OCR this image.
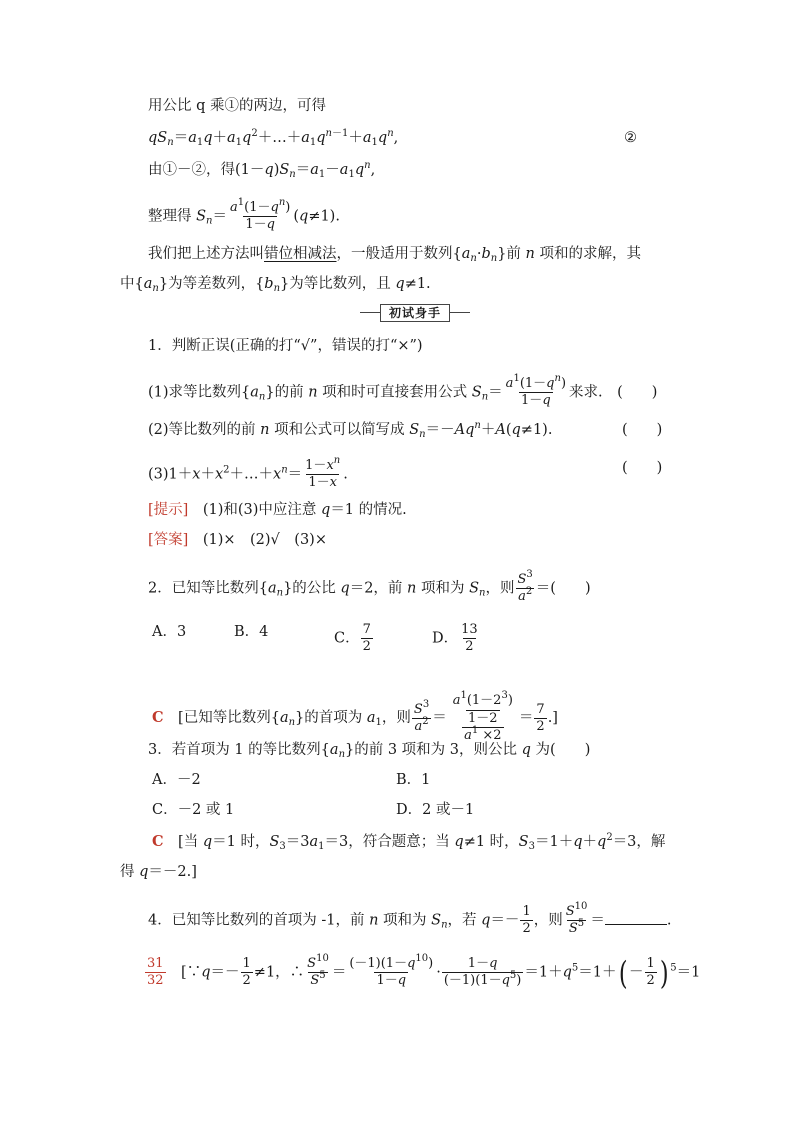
用公比 q 乘①的两边，可得
$qS_n=a_1q+a_1q^2+\dots+a_1q^{n-1}+a_1q^n$,	②
由①－②，得$(1-q)S_n=a_1-a_1q^n$,
整理得 $S_n= \frac{a^1(1-q^n)}{1-q} (q\ne 1)$.
我们把上述方法叫错位相减法，一般适用于数列$\{a_n\cdot b_n\}$前 n 项和的求解，其
中$\{a_n\}$为等差数列，$\{b_n\}$为等比数列，且 q≠1.
初试身手
1．判断正误(正确的打“√”，错误的打“×”)
(1)求等比数列$\{a_n\}$的前 n 项和时可直接套用公式 $S_n= \frac{a^1(1-q^n)}{1-q}$ 来求.　(　　)
(2)等比数列的前 n 项和公式可以简写成 $S_n=-Aq^n+A(q\ne 1)$.	(　　)
$(3)1+x+x^2+\dots+x^n= \frac{1-x^n}{1-x}$ .	(　　)
[提示]　(1)和(3)中应注意 q＝1 的情况.
[答案]　 (1)×　(2)√　(3)×
2．已知等比数列$\{a_n\}$的公比 q＝2，前 n 项和为 $S_n$，则 $\frac{S^3}{a^2}$ ＝(　　)
A．3	B．4	C． $\frac{7}{2}$	D． $\frac{13}{2}$
C　[已知等比数列$\{a_n\}$的首项为 $a_1$，则 $\frac{S^3}{a^2} = \frac{\frac{a^1(1-2^3)}{1-2}}{a^1 \times 2} = \frac{7}{2}$ .]
3．若首项为 1 的等比数列$\{a_n\}$的前 3 项和为 3，则公比 q 为(　　)
A．－2	B．1
C．－2 或 1	D．2 或－1
C　[当 q＝1 时，$S_3=3a_1=3$，符合题意；当 q≠1 时，$S_3=1+q+q^2=3$，解
得 q＝－2.]
4．已知等比数列的首项为 -1，前 n 项和为 $S_n$，若 $q=- \frac{1}{2}$ ，则 $\frac{S^{10}}{S^5}$ ＝	.
$\frac{31}{32}$ 　[∵q＝－ $\frac{1}{2} \ne 1$，∴ $\frac{S^{10}}{S^5} = \frac{(-1)(1-q^{10})}{1-q} \cdot \frac{1-q}{(-1)(1-q^5)} =1+q^5=1+( - \frac{1}{2}$ ) $^5$＝1
